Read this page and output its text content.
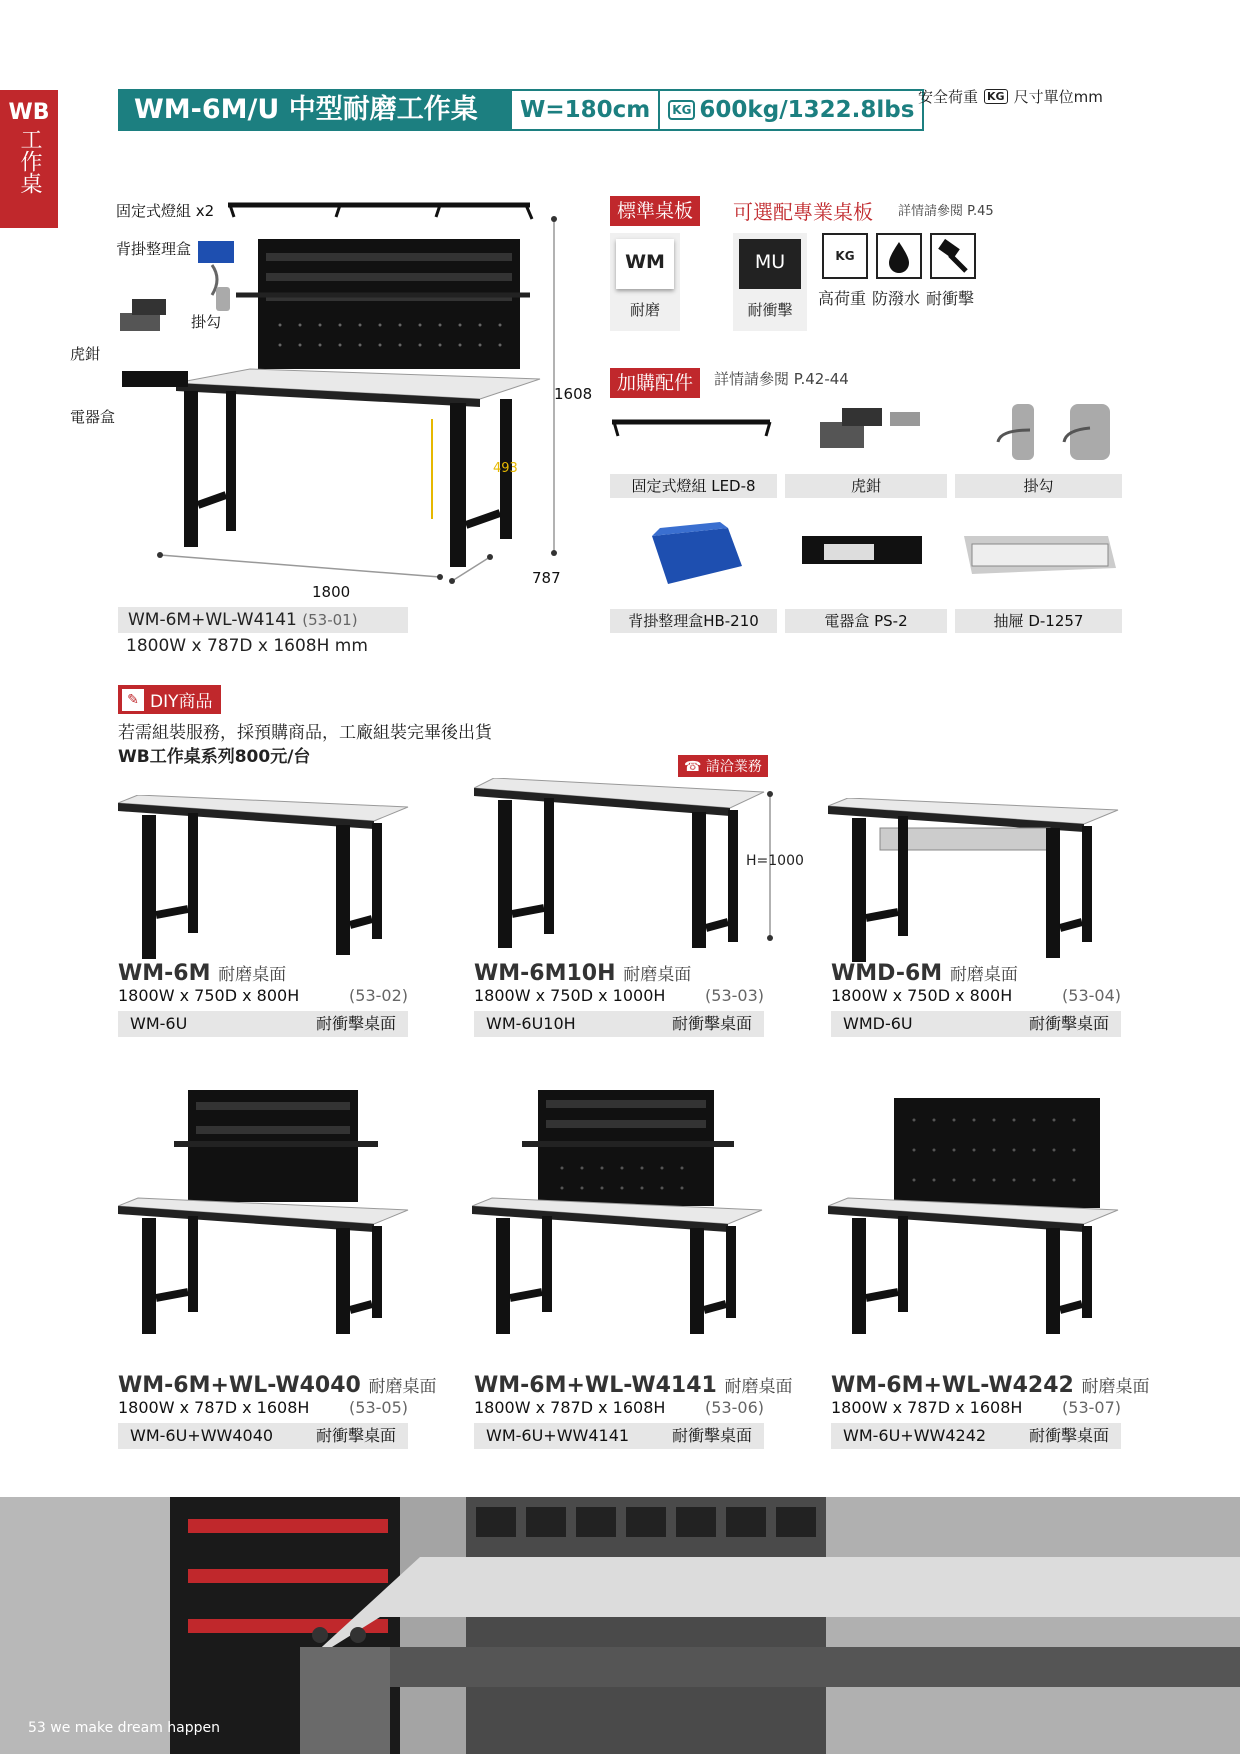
WB
工作桌
WM-6M/U 中型耐磨工作桌	W=180cm	KG 600kg/1322.8lbs 安全荷重 KG 尺寸單位mm
固定式燈組 x2
背掛整理盒
掛勾
虎鉗
電器盒
1608
493
1800
787
WM-6M+WL-W4141 (53-01)
1800W x 787D x 1608H mm
標準桌板
WM
耐磨
可選配專業桌板 詳情請參閱 P.45
MU
耐衝擊
KG
高荷重 防潑水 耐衝擊
加購配件	詳情請參閱 P.42-44
固定式燈組 LED-8	虎鉗	掛勾
背掛整理盒HB-210	電器盒 PS-2	抽屜 D-1257
✎ DIY商品
若需組裝服務，採預購商品，工廠組裝完畢後出貨
WB工作桌系列800元/台	☎ 請洽業務
H=1000
WM-6M 耐磨桌面
1800W x 750D x 800H	(53-02)
WM-6U	耐衝擊桌面
WM-6M10H 耐磨桌面
1800W x 750D x 1000H (53-03)
WM-6U10H	耐衝擊桌面
WMD-6M 耐磨桌面
1800W x 750D x 800H	(53-04)
WMD-6U	耐衝擊桌面
WM-6M+WL-W4040 耐磨桌面
1800W x 787D x 1608H (53-05)
WM-6U+WW4040	耐衝擊桌面
WM-6M+WL-W4141 耐磨桌面
1800W x 787D x 1608H (53-06)
WM-6U+WW4141	耐衝擊桌面
WM-6M+WL-W4242 耐磨桌面
1800W x 787D x 1608H (53-07)
WM-6U+WW4242	耐衝擊桌面
53 we make dream happen
